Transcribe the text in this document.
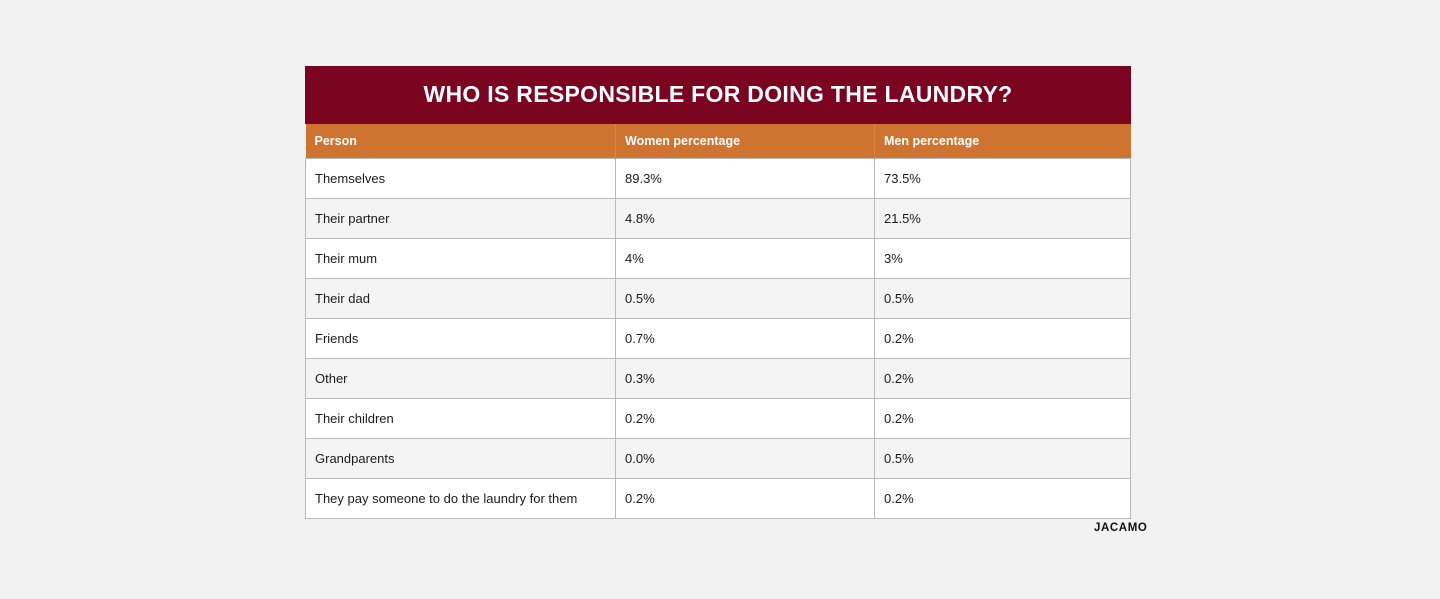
WHO IS RESPONSIBLE FOR DOING THE LAUNDRY?
Person	Women percentage	Men percentage
Themselves	89.3%	73.5%
Their partner	4.8%	21.5%
Their mum	4%	3%
Their dad	0.5%	0.5%
Friends	0.7%	0.2%
Other	0.3%	0.2%
Their children	0.2%	0.2%
Grandparents	0.0%	0.5%
They pay someone to do the laundry for them	0.2%	0.2%
JACAMO
